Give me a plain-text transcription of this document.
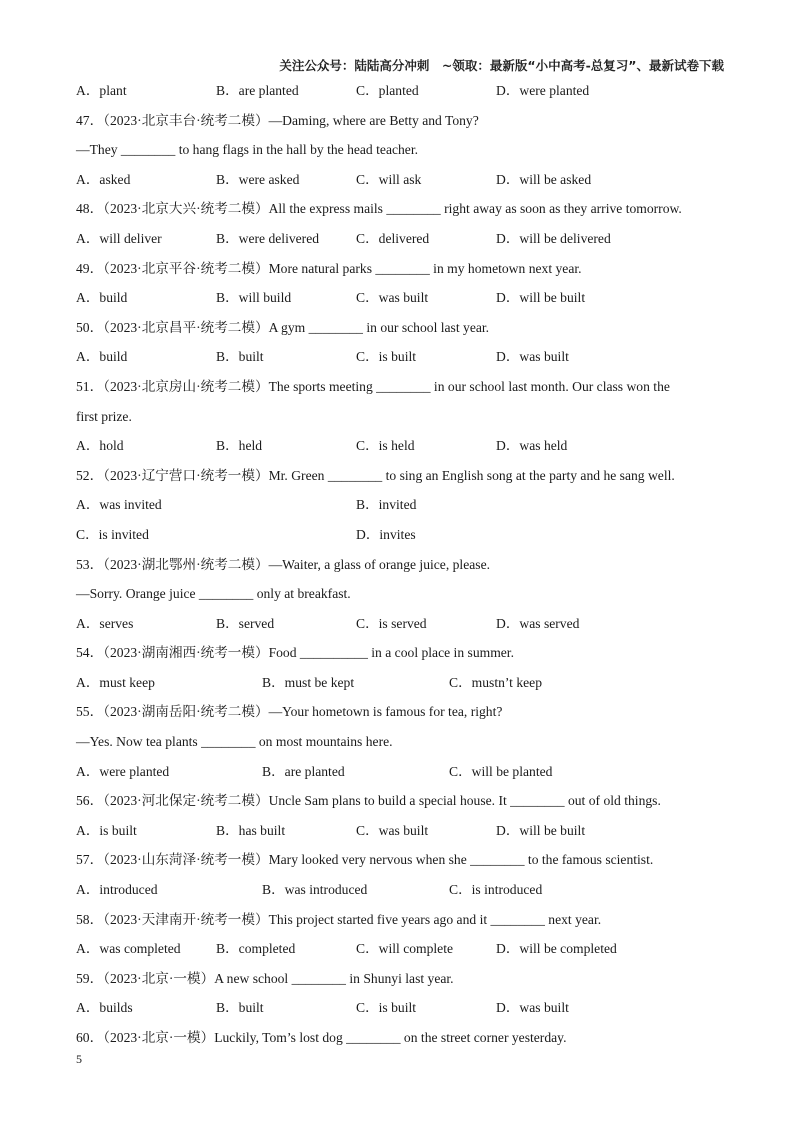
关注公众号：陆陆高分冲刺　~领取：最新版“小中高考-总复习”、最新试卷下载
A．plant	B．are planted	C．planted	D．were planted
47．（2023·北京丰台·统考二模）—Daming, where are Betty and Tony?
—They ________ to hang flags in the hall by the head teacher.
A．asked	B．were asked	C．will ask	D．will be asked
48．（2023·北京大兴·统考二模）All the express mails ________ right away as soon as they arrive tomorrow.
A．will deliver	B．were delivered	C．delivered	D．will be delivered
49．（2023·北京平谷·统考二模）More natural parks ________ in my hometown next year.
A．build	B．will build	C．was built	D．will be built
50．（2023·北京昌平·统考二模）A gym ________ in our school last year.
A．build	B．built	C．is built	D．was built
51．（2023·北京房山·统考二模）The sports meeting ________ in our school last month. Our class won the
first prize.
A．hold	B．held	C．is held	D．was held
52．（2023·辽宁营口·统考一模）Mr. Green ________ to sing an English song at the party and he sang well.
A．was invited	B．invited
C．is invited	D．invites
53．（2023·湖北鄂州·统考二模）—Waiter, a glass of orange juice, please.
—Sorry. Orange juice ________ only at breakfast.
A．serves	B．served	C．is served	D．was served
54．（2023·湖南湘西·统考一模）Food __________ in a cool place in summer.
A．must keep	B．must be kept	C．mustn’t keep
55．（2023·湖南岳阳·统考二模）—Your hometown is famous for tea, right?
—Yes. Now tea plants ________ on most mountains here.
A．were planted	B．are planted	C．will be planted
56．（2023·河北保定·统考二模）Uncle Sam plans to build a special house. It ________ out of old things.
A．is built	B．has built	C．was built	D．will be built
57．（2023·山东菏泽·统考一模）Mary looked very nervous when she ________ to the famous scientist.
A．introduced	B．was introduced	C．is introduced
58．（2023·天津南开·统考一模）This project started five years ago and it ________ next year.
A．was completed	B．completed	C．will complete	D．will be completed
59．（2023·北京·一模）A new school ________ in Shunyi last year.
A．builds	B．built	C．is built	D．was built
60．（2023·北京·一模）Luckily, Tom’s lost dog ________ on the street corner yesterday.
5
